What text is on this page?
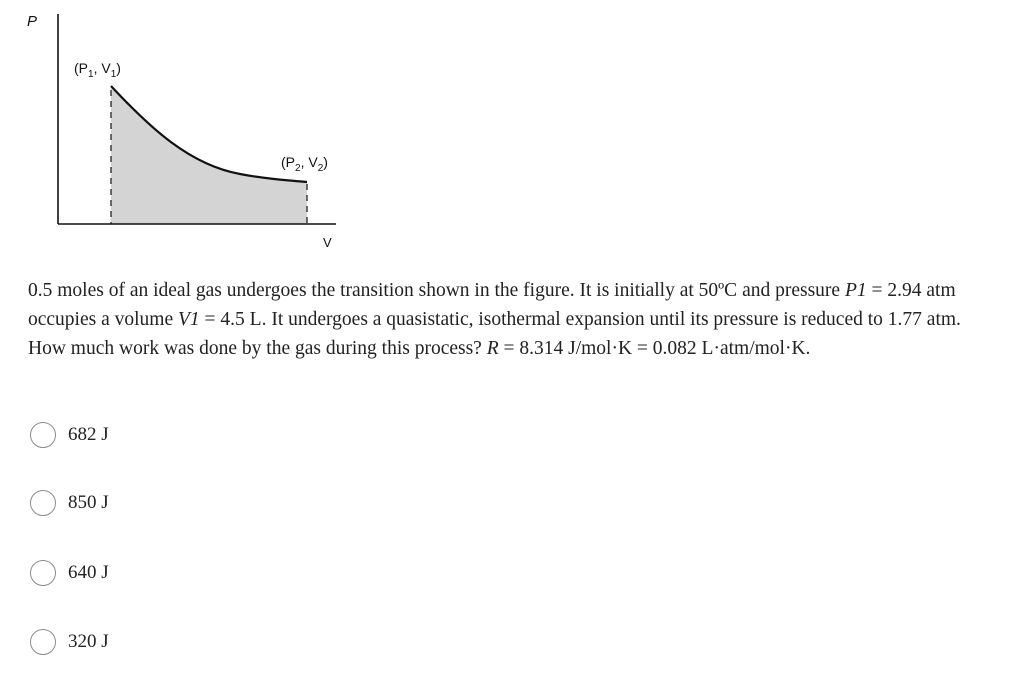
P
V
($P_1$, $V_1$)
($P_2$, $V_2$)

0.5 moles of an ideal gas undergoes the transition shown in the figure. It is initially at 50ºC and pressure P1 = 2.94 atm occupies a volume V1 = 4.5 L. It undergoes a quasistatic, isothermal expansion until its pressure is reduced to 1.77 atm. How much work was done by the gas during this process? R = 8.314 J/mol·K = 0.082 L·atm/mol·K.

682 J
850 J
640 J
320 J
